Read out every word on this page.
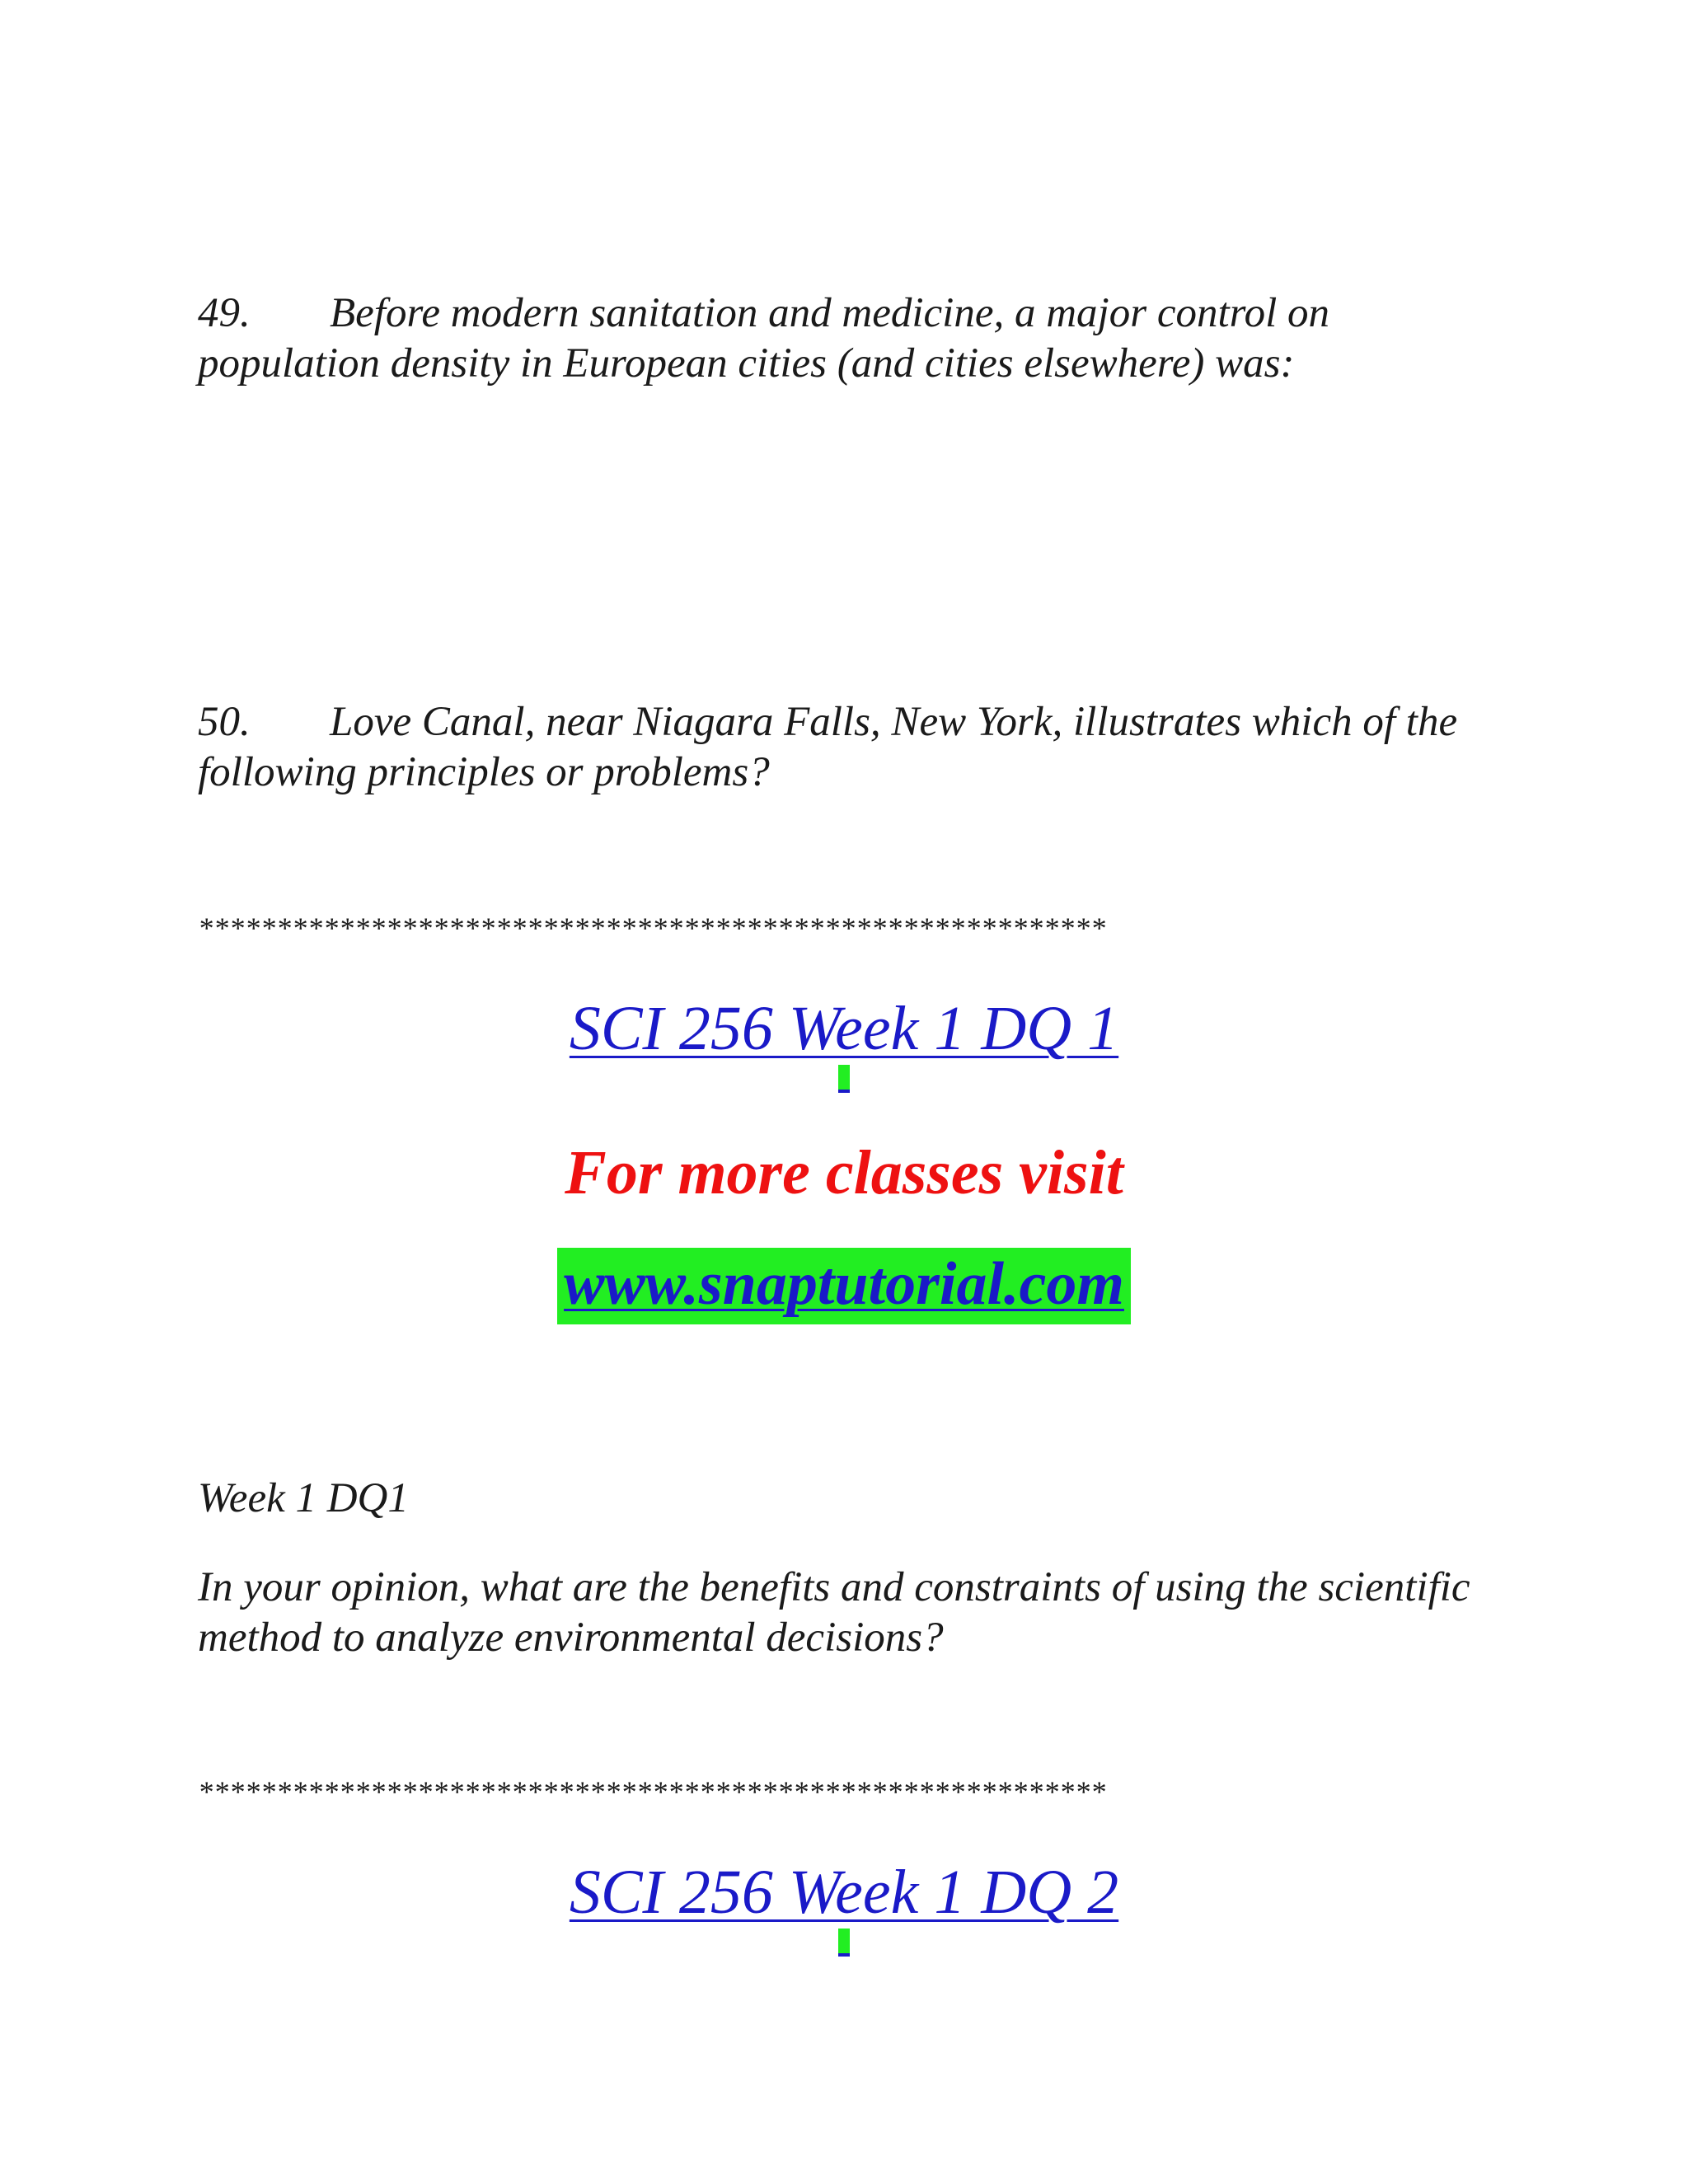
49. Before modern sanitation and medicine, a major control on population density in European cities (and cities elsewhere) was:

50. Love Canal, near Niagara Falls, New York, illustrates which of the following principles or problems?

**********************************************************
SCI 256 Week 1 DQ 1
For more classes visit
www.snaptutorial.com

Week 1 DQ1

In your opinion, what are the benefits and constraints of using the scientific method to analyze environmental decisions?

**********************************************************
SCI 256 Week 1 DQ 2
